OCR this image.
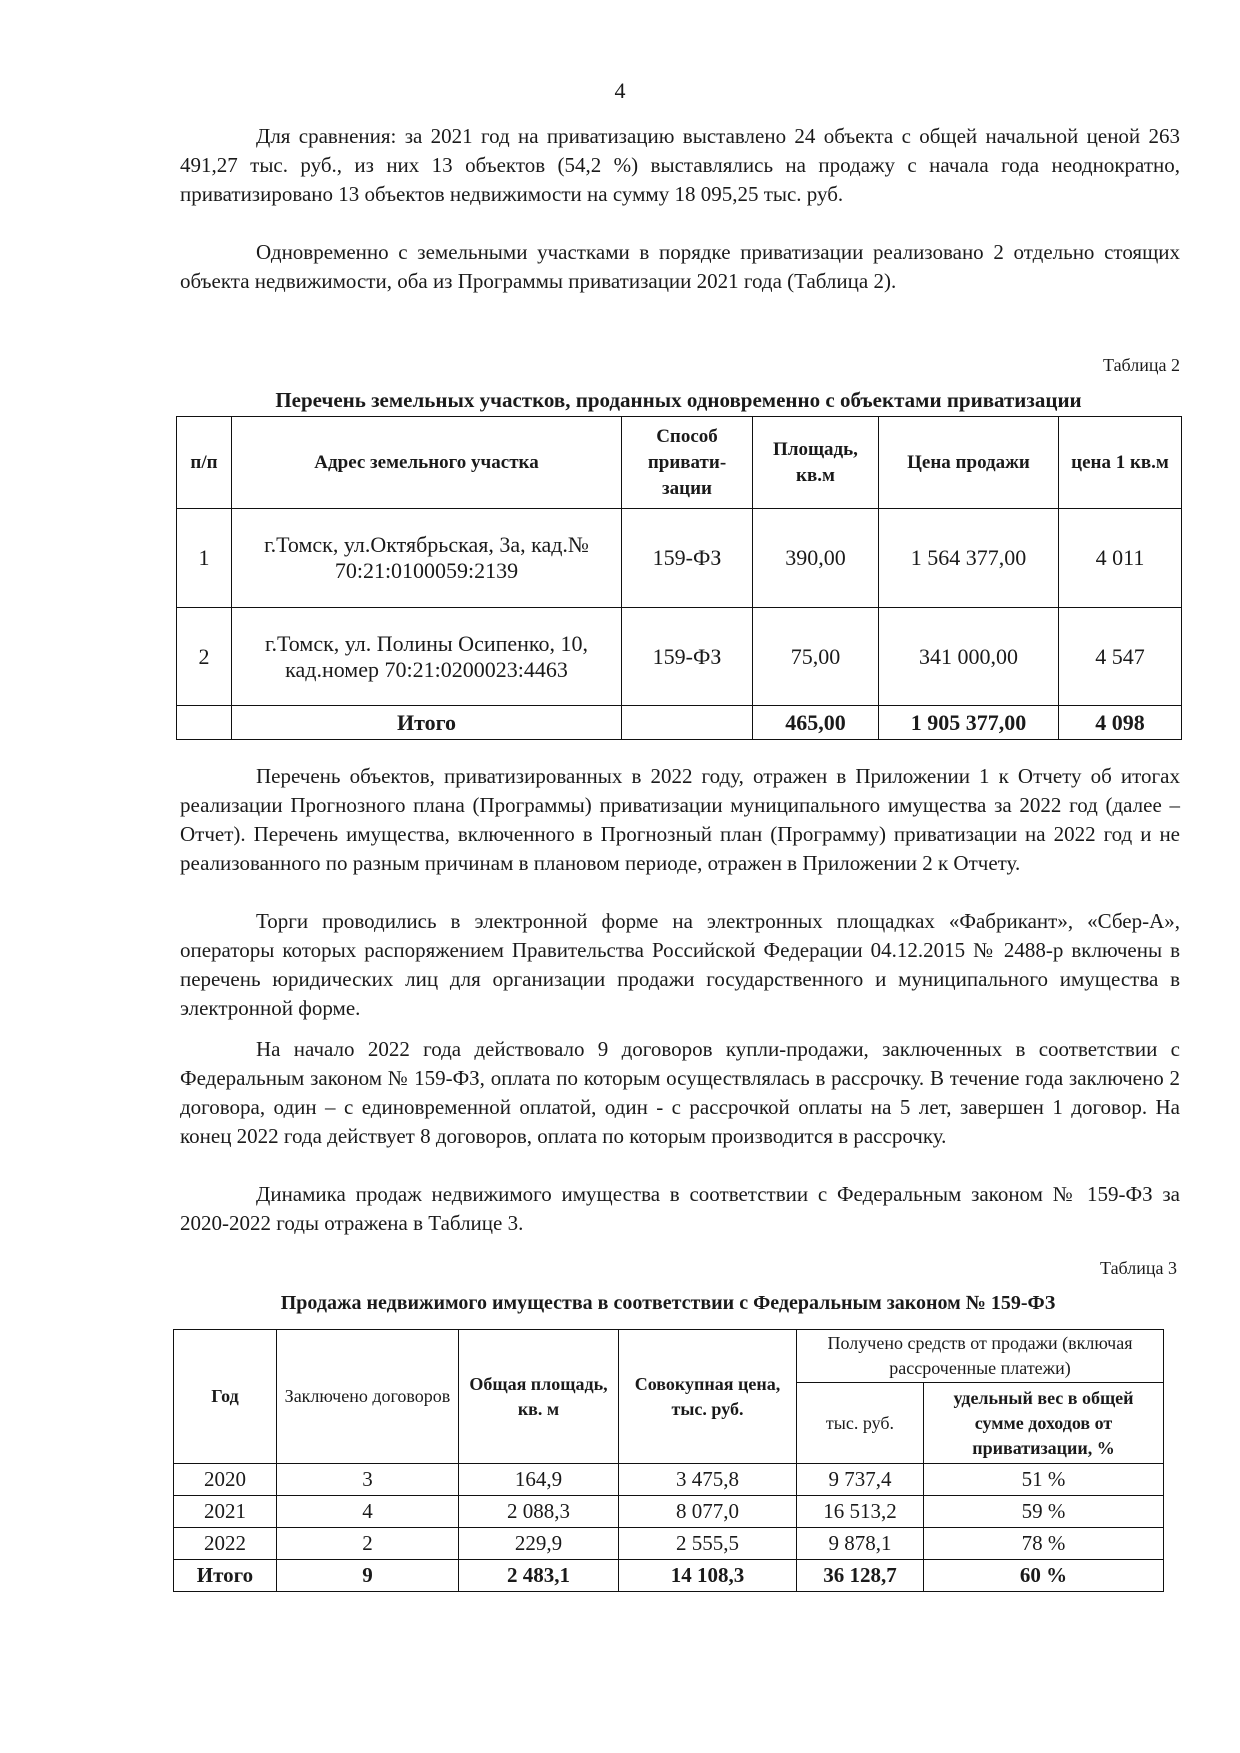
4

Для сравнения: за 2021 год на приватизацию выставлено 24 объекта с общей начальной ценой 263 491,27 тыс. руб., из них 13 объектов (54,2 %) выставлялись на продажу с начала года неоднократно, приватизировано 13 объектов недвижимости на сумму 18 095,25 тыс. руб.

Одновременно с земельными участками в порядке приватизации реализовано 2 отдельно стоящих объекта недвижимости, оба из Программы приватизации 2021 года (Таблица 2).

Таблица 2
Перечень земельных участков, проданных одновременно с объектами приватизации
п/п	Адрес земельного участка	Способ привати-зации	Площадь, кв.м	Цена продажи	цена 1 кв.м
1	г.Томск, ул.Октябрьская, 3а, кад.№ 70:21:0100059:2139	159-ФЗ	390,00	1 564 377,00	4 011
2	г.Томск, ул. Полины Осипенко, 10, кад.номер 70:21:0200023:4463	159-ФЗ	75,00	341 000,00	4 547
	Итого		465,00	1 905 377,00	4 098

Перечень объектов, приватизированных в 2022 году, отражен в Приложении 1 к Отчету об итогах реализации Прогнозного плана (Программы) приватизации муниципального имущества за 2022 год (далее – Отчет). Перечень имущества, включенного в Прогнозный план (Программу) приватизации на 2022 год и не реализованного по разным причинам в плановом периоде, отражен в Приложении 2 к Отчету.

Торги проводились в электронной форме на электронных площадках «Фабрикант», «Сбер-А», операторы которых распоряжением Правительства Российской Федерации 04.12.2015 № 2488-р включены в перечень юридических лиц для организации продажи государственного и муниципального имущества в электронной форме.

На начало 2022 года действовало 9 договоров купли-продажи, заключенных в соответствии с Федеральным законом № 159-ФЗ, оплата по которым осуществлялась в рассрочку. В течение года заключено 2 договора, один – с единовременной оплатой, один - с рассрочкой оплаты на 5 лет, завершен 1 договор. На конец 2022 года действует 8 договоров, оплата по которым производится в рассрочку.

Динамика продаж недвижимого имущества в соответствии с Федеральным законом № 159-ФЗ за 2020-2022 годы отражена в Таблице 3.

Таблица 3
Продажа недвижимого имущества в соответствии с Федеральным законом № 159-ФЗ
Год	Заключено договоров	Общая площадь, кв. м	Совокупная цена, тыс. руб.	Получено средств от продажи (включая рассроченные платежи)	
				тыс. руб.	удельный вес в общей сумме доходов от приватизации, %
2020	3	164,9	3 475,8	9 737,4	51 %
2021	4	2 088,3	8 077,0	16 513,2	59 %
2022	2	229,9	2 555,5	9 878,1	78 %
Итого	9	2 483,1	14 108,3	36 128,7	60 %
